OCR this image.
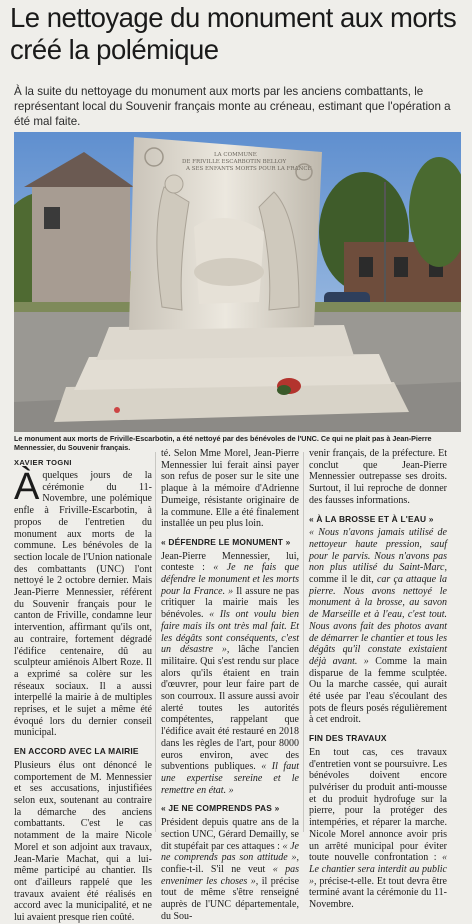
Le nettoyage du monument aux morts créé la polémique

À la suite du nettoyage du monument aux morts par les anciens combattants, le représentant local du Souvenir français monte au créneau, estimant que l'opération a été mal faite.

LA COMMUNE DE FRIVILLE ESCARBOTIN BELLOY A SES ENFANTS MORTS POUR LA FRANCE
Le monument aux morts de Friville-Escarbotin, a été nettoyé par des bénévoles de l'UNC. Ce qui ne plait pas à Jean-Pierre Mennessier, du Souvenir français.
XAVIER TOGNI

Àquelques jours de la cérémonie du 11-Novembre, une polémique enfle à Friville-Escarbotin, à propos de l'entretien du monument aux morts de la commune. Les bénévoles de la section locale de l'Union nationale des combattants (UNC) l'ont nettoyé le 2 octobre dernier. Mais Jean-Pierre Mennessier, référent du Souvenir français pour le canton de Friville, condamne leur intervention, affirmant qu'ils ont, au contraire, fortement dégradé l'édifice centenaire, dû au sculpteur amiénois Albert Roze. Il a exprimé sa colère sur les réseaux sociaux. Il a aussi interpellé la mairie à de multiples reprises, et le sujet a même été évoqué lors du dernier conseil municipal.

EN ACCORD AVEC LA MAIRIE

Plusieurs élus ont dénoncé le comportement de M. Mennessier et ses accusations, injustifiées selon eux, soutenant au contraire la démarche des anciens combattants. C'est le cas notamment de la maire Nicole Morel et son adjoint aux travaux, Jean-Marie Machat, qui a lui-même participé au chantier. Ils ont d'ailleurs rappelé que les travaux avaient été réalisés en accord avec la municipalité, et ne lui avaient presque rien coûté.

té. Selon Mme Morel, Jean-Pierre Mennessier lui ferait ainsi payer son refus de poser sur le site une plaque à la mémoire d'Adrienne Dumeige, résistante originaire de la commune. Elle a été finalement installée un peu plus loin.

« DÉFENDRE LE MONUMENT »

Jean-Pierre Mennessier, lui, conteste : « Je ne fais que défendre le monument et les morts pour la France. » Il assure ne pas critiquer la mairie mais les bénévoles. « Ils ont voulu bien faire mais ils ont très mal fait. Et les dégâts sont conséquents, c'est un désastre », lâche l'ancien militaire. Qui s'est rendu sur place alors qu'ils étaient en train d'œuvrer, pour leur faire part de son courroux. Il assure aussi avoir alerté toutes les autorités compétentes, rappelant que l'édifice avait été restauré en 2018 dans les règles de l'art, pour 8000 euros environ, avec des subventions publiques. « Il faut une expertise sereine et le remettre en état. »

« JE NE COMPRENDS PAS »

Président depuis quatre ans de la section UNC, Gérard Demailly, se dit stupéfait par ces attaques : « Je ne comprends pas son attitude », confie-t-il. S'il ne veut « pas envenimer les choses », il précise tout de même s'être renseigné auprès de l'UNC départementale, du Sou-

venir français, de la préfecture. Et conclut que Jean-Pierre Mennessier outrepasse ses droits. Surtout, il lui reproche de donner des fausses informations.

« À LA BROSSE ET À L'EAU »

« Nous n'avons jamais utilisé de nettoyeur haute pression, sauf pour le parvis. Nous n'avons pas non plus utilisé du Saint-Marc, comme il le dit, car ça attaque la pierre. Nous avons nettoyé le monument à la brosse, au savon de Marseille et à l'eau, c'est tout. Nous avons fait des photos avant de démarrer le chantier et tous les dégâts qu'il constate existaient déjà avant. » Comme la main disparue de la femme sculptée. Ou la marche cassée, qui aurait été usée par l'eau s'écoulant des pots de fleurs posés régulièrement à cet endroit.

FIN DES TRAVAUX

En tout cas, ces travaux d'entretien vont se poursuivre. Les bénévoles doivent encore pulvériser du produit anti-mousse et du produit hydrofuge sur la pierre, pour la protéger des intempéries, et réparer la marche. Nicole Morel annonce avoir pris un arrêté municipal pour éviter toute nouvelle confrontation : « Le chantier sera interdit au public », précise-t-elle. Et tout devra être terminé avant la cérémonie du 11-Novembre.
